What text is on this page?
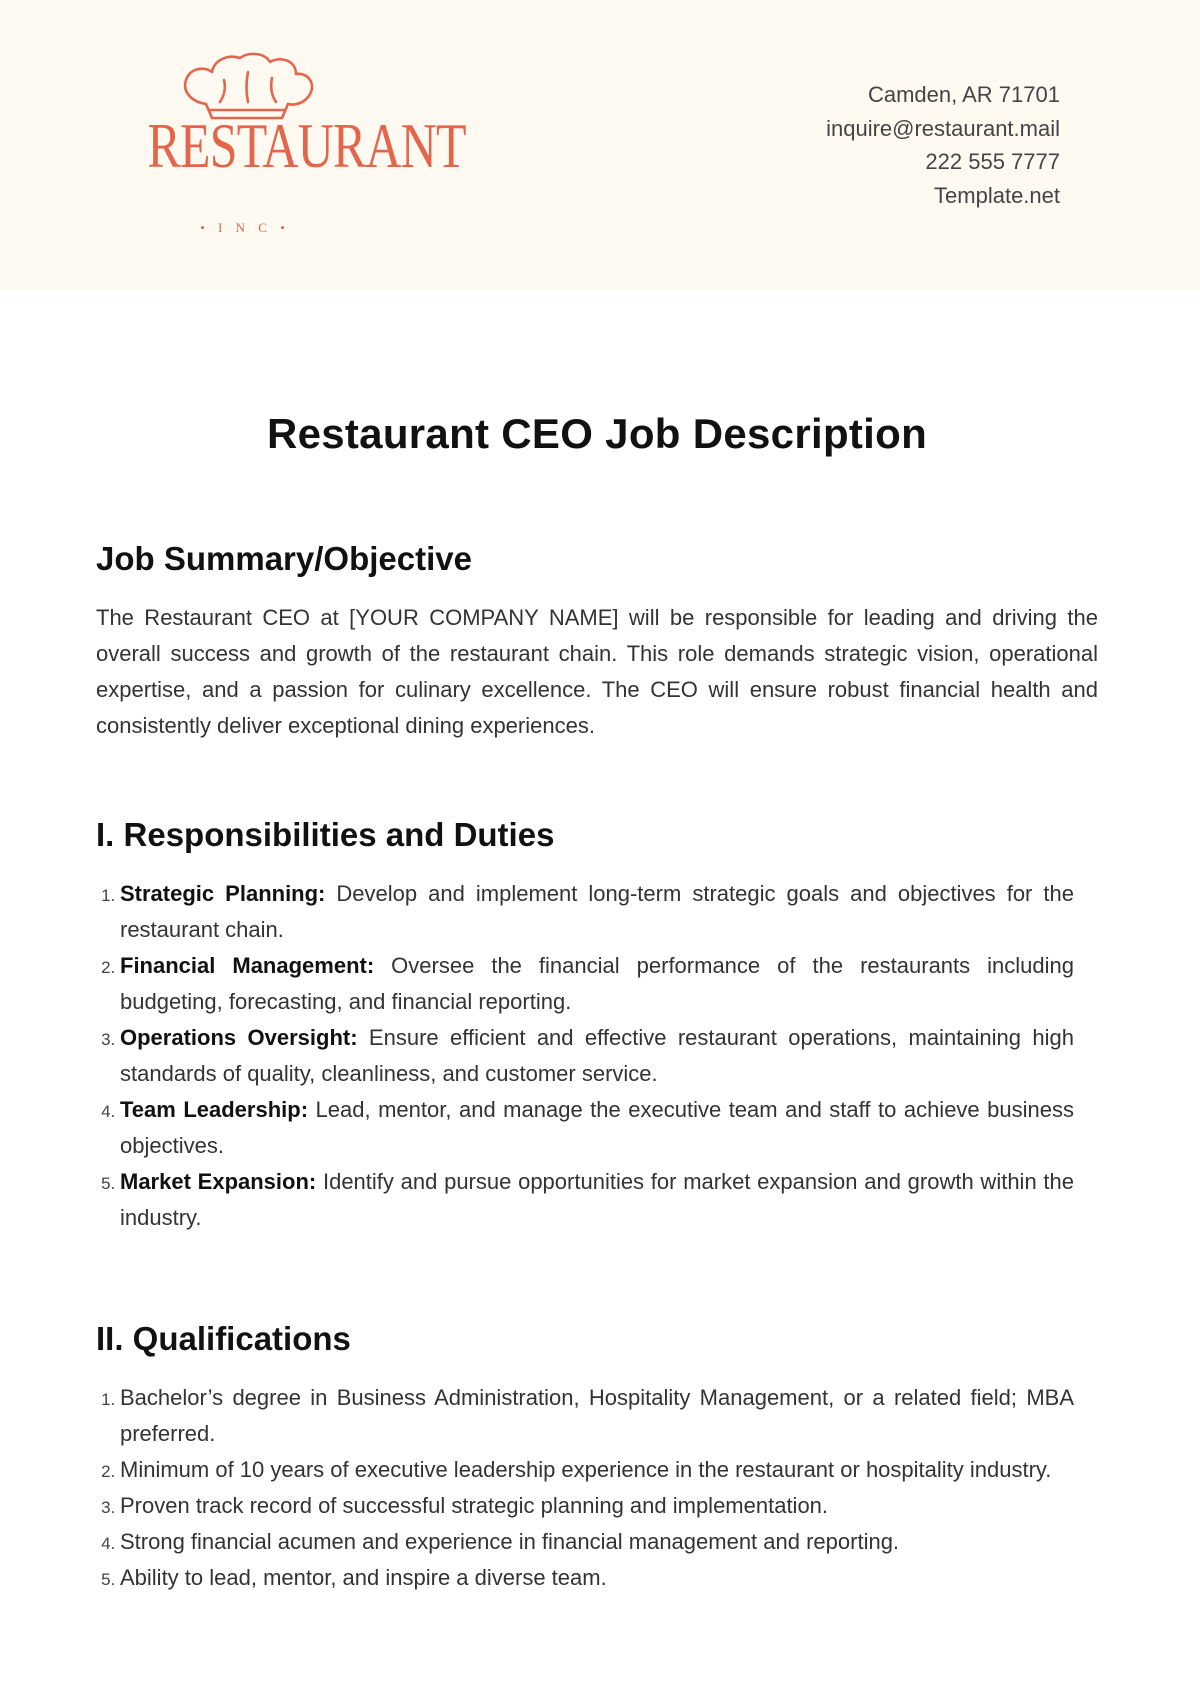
RESTAURANT
• I N C •
Camden, AR 71701
inquire@restaurant.mail
222 555 7777
Template.net
Restaurant CEO Job Description
Job Summary/Objective

The Restaurant CEO at [YOUR COMPANY NAME] will be responsible for leading and driving the overall success and growth of the restaurant chain. This role demands strategic vision, operational expertise, and a passion for culinary excellence. The CEO will ensure robust financial health and consistently deliver exceptional dining experiences.

I. Responsibilities and Duties
1. Strategic Planning: Develop and implement long-term strategic goals and objectives for the restaurant chain.
2. Financial Management: Oversee the financial performance of the restaurants including budgeting, forecasting, and financial reporting.
3. Operations Oversight: Ensure efficient and effective restaurant operations, maintaining high standards of quality, cleanliness, and customer service.
4. Team Leadership: Lead, mentor, and manage the executive team and staff to achieve business objectives.
5. Market Expansion: Identify and pursue opportunities for market expansion and growth within the industry.
II. Qualifications
1. Bachelor’s degree in Business Administration, Hospitality Management, or a related field; MBA preferred.
2. Minimum of 10 years of executive leadership experience in the restaurant or hospitality industry.
3. Proven track record of successful strategic planning and implementation.
4. Strong financial acumen and experience in financial management and reporting.
5. Ability to lead, mentor, and inspire a diverse team.
